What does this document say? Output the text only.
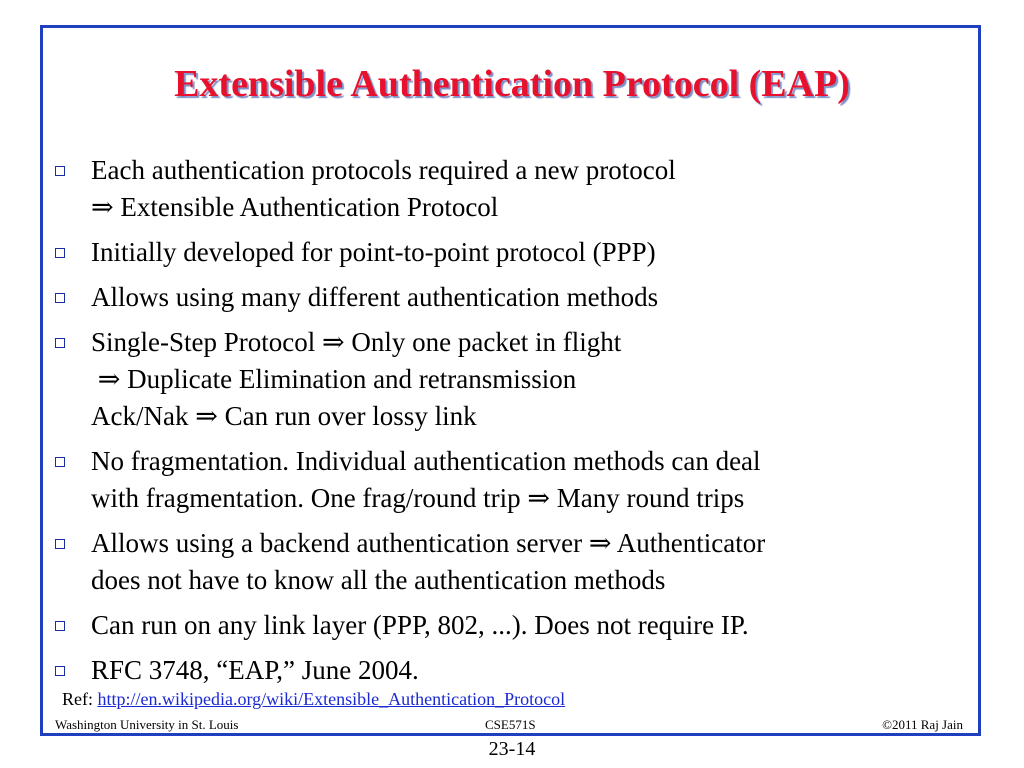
Extensible Authentication Protocol (EAP)
Each authentication protocols required a new protocol
⇒ Extensible Authentication Protocol
Initially developed for point-to-point protocol (PPP)
Allows using many different authentication methods
Single-Step Protocol ⇒ Only one packet in flight
⇒ Duplicate Elimination and retransmission
Ack/Nak ⇒ Can run over lossy link
No fragmentation. Individual authentication methods can deal
with fragmentation. One frag/round trip ⇒ Many round trips
Allows using a backend authentication server ⇒ Authenticator
does not have to know all the authentication methods
Can run on any link layer (PPP, 802, ...). Does not require IP.
RFC 3748, “EAP,” June 2004.
Ref: http://en.wikipedia.org/wiki/Extensible_Authentication_Protocol
Washington University in St. Louis	CSE571S	©2011 Raj Jain
23-14
